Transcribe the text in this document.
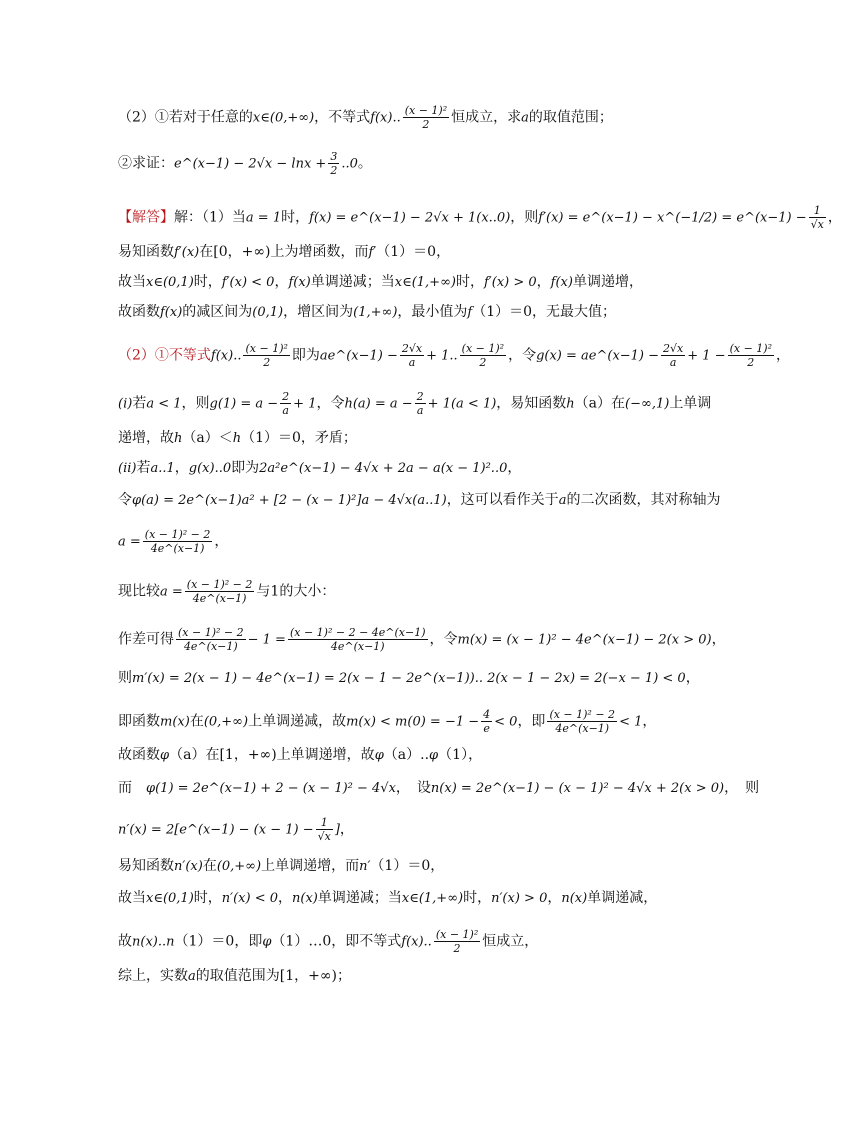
（2）①若对于任意的x∈(0,+∞)，不等式f(x).. $\frac{\text{(x − 1)²}}{2}$ 恒成立，求a的取值范围；
②求证：e^(x−1) − $2√x - \ln x + \frac{3}{2} ..0$。
【解答】解：（1）当a = 1时，f(x) = e^(x−1) − 2√x + 1(x..0)，则f′(x) = e^(x−1) − x^(−1/2) = e^(x−1) − $\frac{1}{√x}$ ，
易知函数f′(x)在[0，+∞)上为增函数，而f′（1）＝0，
故当x∈(0,1)时，f′(x) < 0，f(x)单调递减；当x∈(1,+∞)时，f′(x) > 0，f(x)单调递增，
故函数f(x)的减区间为(0,1)，增区间为(1,+∞)，最小值为f（1）＝0，无最大值；
（2）①不等式f(x).. $\frac{\text{(x − 1)²}}{2}$ 即为ae^(x−1) − $\frac{2√x}{a} + 1$.. $\frac{\text{(x − 1)²}}{2}$ ，令g(x) = ae^(x−1) − $\frac{2√x}{a} + 1 - \frac{\text{(x − 1)²}}{2}$ ，
(i)若a < 1，则$g(1) = a - \frac{2}{a} + 1$，令$h(a) = a - \frac{2}{a} + 1(a < 1)$，易知函数h（a）在(−∞,1)上单调
递增，故h（a）＜h（1）＝0，矛盾；
(ii)若a..1，g(x)..0即为2a²e^(x−1) − 4√x + 2a − a(x − 1)²..0，
令φ(a) = 2e^(x−1)a² + [2 − (x − 1)²]a − 4√x(a..1)，这可以看作关于a的二次函数，其对称轴为
$a = \frac{\text{(x − 1)² − 2}}{4e\^{}(x-1)}$ ，
现比较$a = \frac{\text{(x − 1)² − 2}}{4e\^{}(x-1)}$ 与1的大小：
作差可得 $\frac{\text{(x − 1)² − 2}}{4e\^{}(x-1)} - 1 = \frac{\text{(x − 1)² − 2 − 4e\textasciicircum{}(x−1)}}{4e\^{}(x-1)}$ ，令m(x) = (x − 1)² − 4e^(x−1) − 2(x > 0)，
则m′(x) = 2(x − 1) − 4e^(x−1) = 2(x − 1 − 2e^(x−1)).. 2(x − 1 − 2x) = 2(−x − 1) < 0，
即函数m(x)在(0,+∞)上单调递减，故$m(x) < m(0) = -1 - \frac{4}{e} < 0$，即 $\frac{\text{(x − 1)² − 2}}{4e\^{}(x-1)} < 1$，
故函数φ（a）在[1，+∞)上单调递增，故φ（a）..φ（1），
而  φ(1) = 2e^(x−1) + 2 − (x − 1)² − 4√x，　设n(x) = 2e^(x−1) − (x − 1)² − 4√x + 2(x > 0)，　则
n′(x) = 2[e^(x−1) − $(x - 1) - \frac{1}{√x}$ ]，
易知函数n′(x)在(0,+∞)上单调递增，而n′（1）＝0，
故当x∈(0,1)时，n′(x) < 0，n(x)单调递减；当x∈(1,+∞)时，n′(x) > 0，n(x)单调递减，
故n(x)..n（1）＝0，即φ（1）…0，即不等式f(x).. $\frac{\text{(x − 1)²}}{2}$ 恒成立，
综上，实数a的取值范围为[1，+∞)；
